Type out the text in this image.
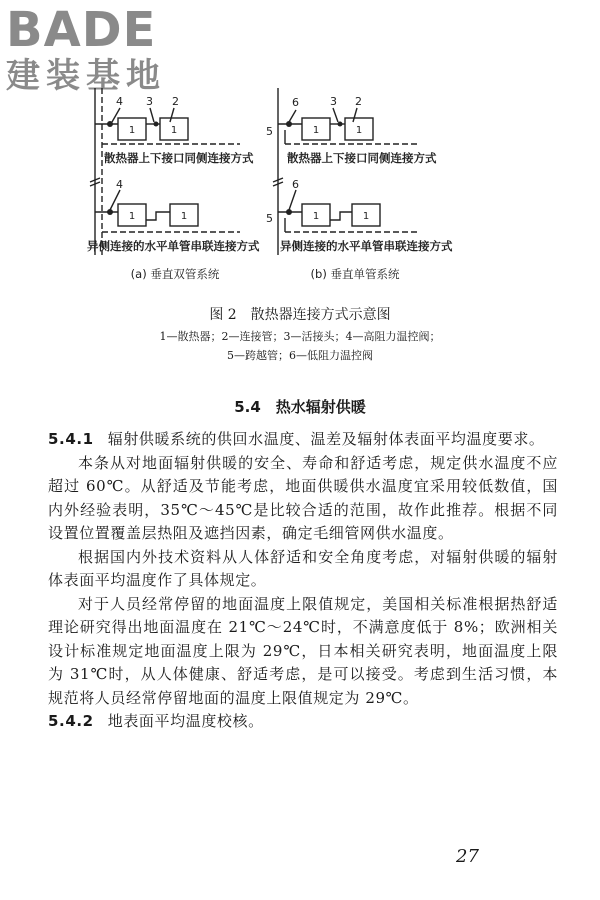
BADE
建装基地
4 3 2
4
6	3 2
5
6
5
1	1
1	1
1	1
1	1
散热器上下接口同侧连接方式	散热器上下接口同侧连接方式
异侧连接的水平单管串联连接方式 异侧连接的水平单管串联连接方式
(a) 垂直双管系统	(b) 垂直单管系统
图 2　散热器连接方式示意图
1—散热器；2—连接管；3—活接头；4—高阻力温控阀；
5—跨越管；6—低阻力温控阀
5.4　热水辐射供暖

5.4.1 辐射供暖系统的供回水温度、温差及辐射体表面平均温度要求。

本条从对地面辐射供暖的安全、寿命和舒适考虑，规定供水温度不应超过 60℃。从舒适及节能考虑，地面供暖供水温度宜采用较低数值，国内外经验表明，35℃～45℃是比较合适的范围，故作此推荐。根据不同设置位置覆盖层热阻及遮挡因素，确定毛细管网供水温度。

根据国内外技术资料从人体舒适和安全角度考虑，对辐射供暖的辐射体表面平均温度作了具体规定。

对于人员经常停留的地面温度上限值规定，美国相关标准根据热舒适理论研究得出地面温度在 21℃～24℃时，不满意度低于 8%；欧洲相关设计标准规定地面温度上限为 29℃，日本相关研究表明，地面温度上限为 31℃时，从人体健康、舒适考虑，是可以接受。考虑到生活习惯，本规范将人员经常停留地面的温度上限值规定为 29℃。

5.4.2 地表面平均温度校核。

27
